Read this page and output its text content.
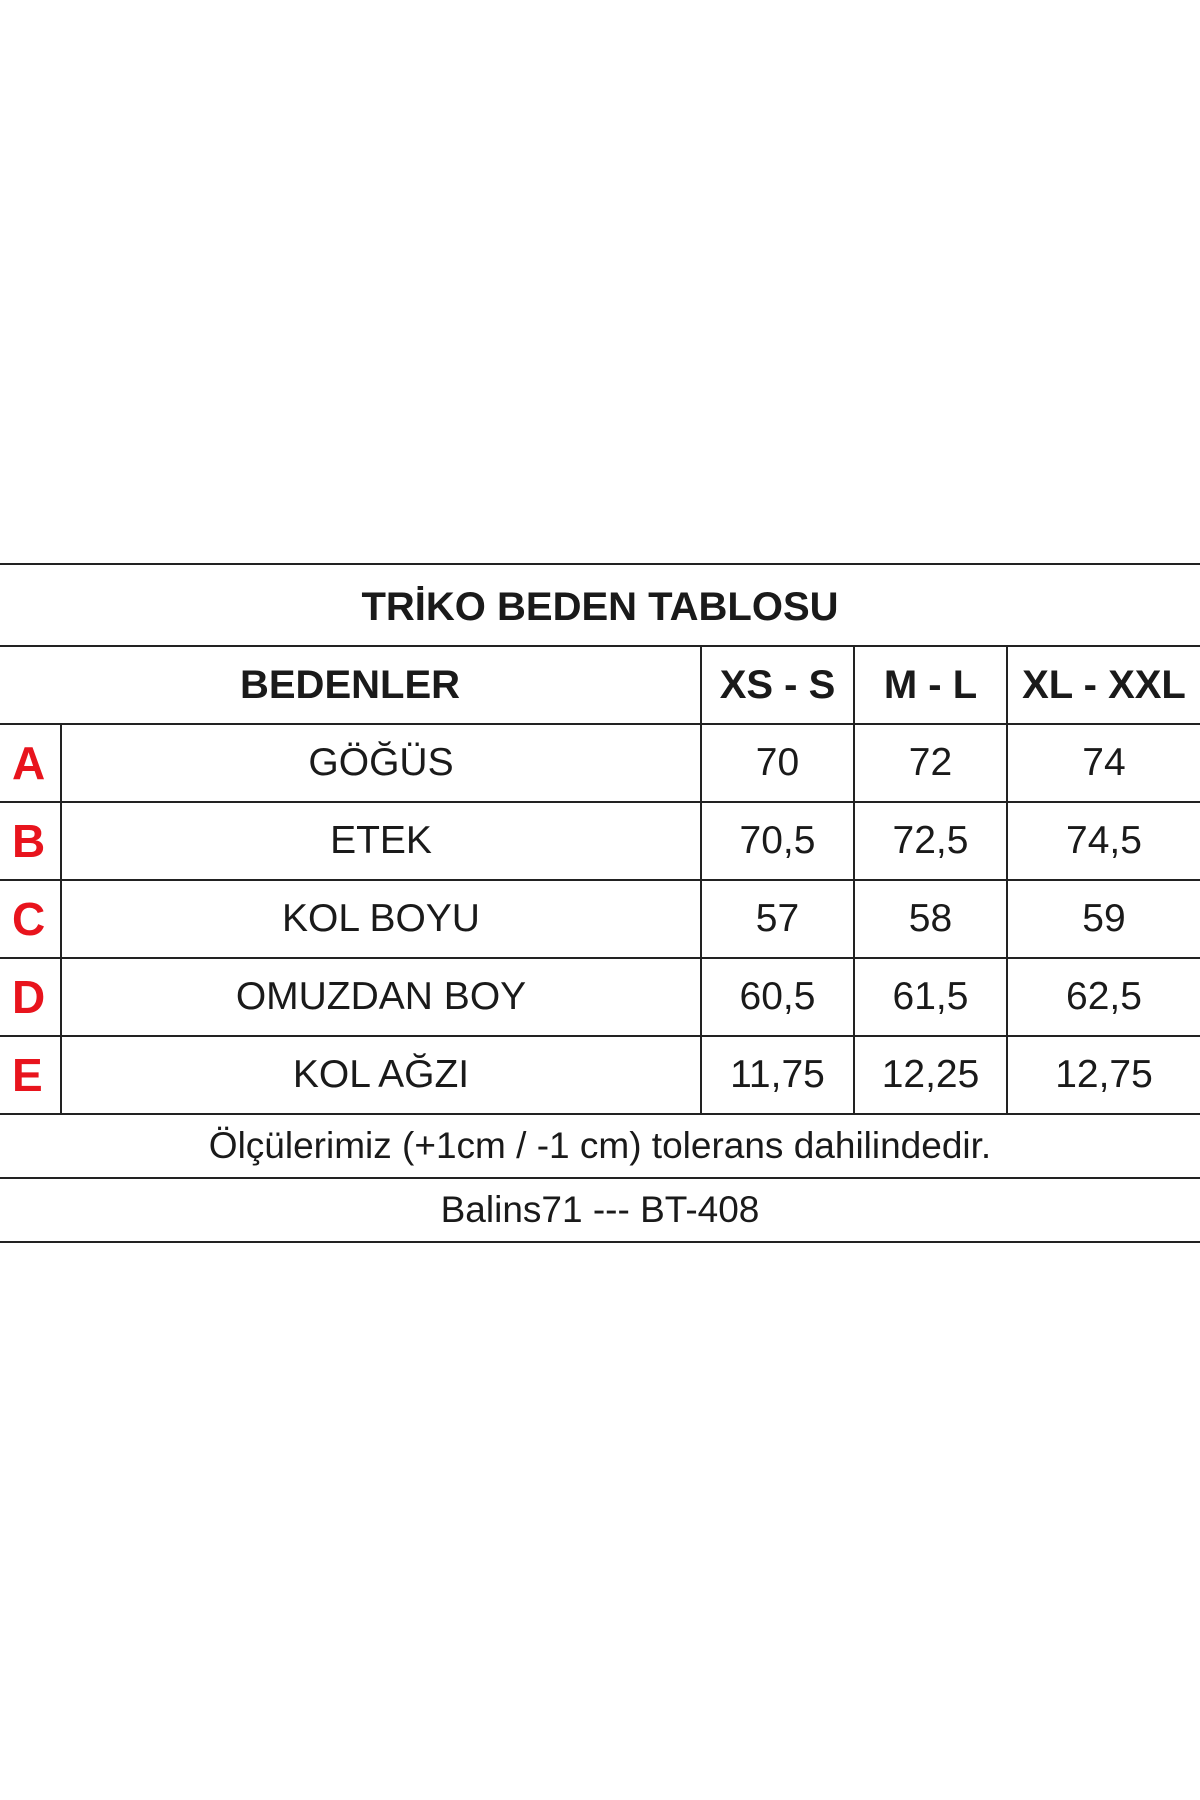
TRİKO BEDEN TABLOSU				
BEDENLER		XS - S	M - L	XL - XXL
A	GÖĞÜS	70	72	74
B	ETEK	70,5	72,5	74,5
C	KOL BOYU	57	58	59
D	OMUZDAN BOY	60,5	61,5	62,5
E	KOL AĞZI	11,75	12,25	12,75
Ölçülerimiz (+1cm / -1 cm) tolerans dahilindedir.				
Balins71 --- BT-408				
